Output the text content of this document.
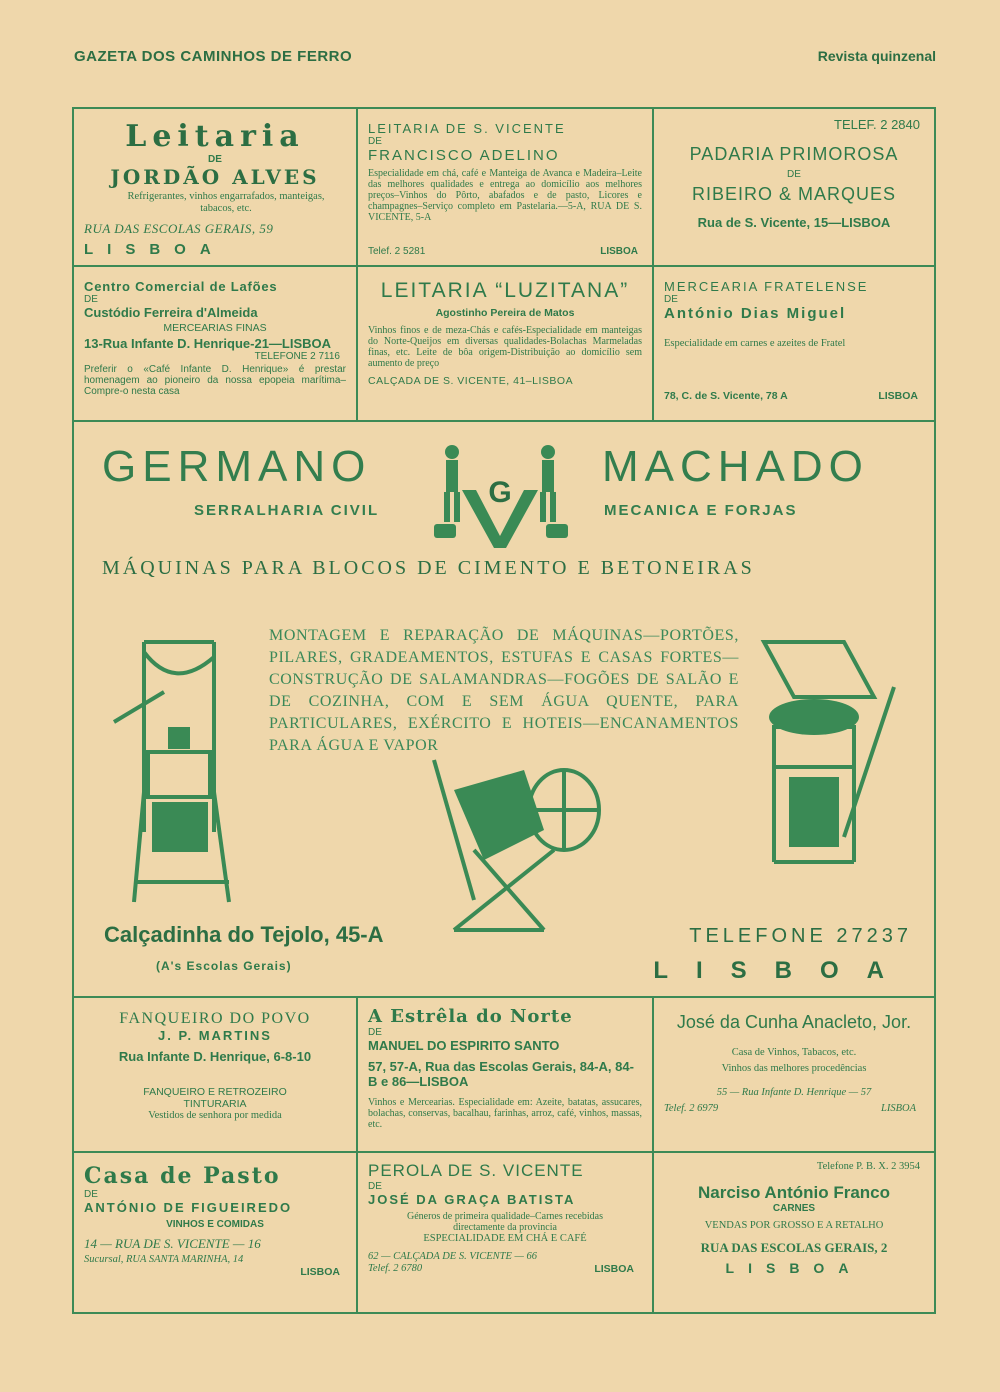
GAZETA DOS CAMINHOS DE FERRO	Revista quinzenal
Leitaria
DE
JORDÃO ALVES
Refrigerantes, vinhos engarrafados, manteigas, tabacos, etc.
RUA DAS ESCOLAS GERAIS, 59
LISBOA
LEITARIA DE S. VICENTE
DE
FRANCISCO ADELINO
Especialidade em chá, café e Manteiga de Avanca e Madeira–Leite das melhores qualidades e entrega ao domicílio aos melhores preços–Vinhos do Pôrto, abafados e de pasto, Licores e champagnes–Serviço completo em Pastelaria.—5-A, RUA DE S. VICENTE, 5-A
Telef. 2 5281	LISBOA
TELEF. 2 2840
PADARIA PRIMOROSA
DE
RIBEIRO & MARQUES
Rua de S. Vicente, 15—LISBOA
Centro Comercial de Lafões
DE
Custódio Ferreira d'Almeida
MERCEARIAS FINAS
13-Rua Infante D. Henrique-21—LISBOA
TELEFONE 2 7116
Preferir o «Café Infante D. Henrique» é prestar homenagem ao pioneiro da nossa epopeia marítima–Compre-o nesta casa
LEITARIA “LUZITANA”
Agostinho Pereira de Matos
Vinhos finos e de meza-Chás e cafés-Especialidade em manteigas do Norte-Queijos em diversas qualidades-Bolachas Marmeladas finas, etc. Leite de bôa origem-Distribuição ao domicílio sem aumento de preço
CALÇADA DE S. VICENTE, 41–LISBOA
MERCEARIA FRATELENSE
DE
António Dias Miguel
Especialidade em carnes e azeites de Fratel
78, C. de S. Vicente, 78 A	LISBOA
GERMANO	MACHADO
SERRALHARIA CIVIL	MECANICA E FORJAS
G
MÁQUINAS PARA BLOCOS DE CIMENTO E BETONEIRAS
MONTAGEM E REPARAÇÃO DE MÁQUINAS—PORTÕES, PILARES, GRADEAMENTOS, ESTUFAS E CASAS FORTES—CONSTRUÇÃO DE SALAMANDRAS—FOGÕES DE SALÃO E DE COZINHA, COM E SEM ÁGUA QUENTE, PARA PARTICULARES, EXÉRCITO E HOTEIS—ENCANAMENTOS PARA ÁGUA E VAPOR
Calçadinha do Tejolo, 45-A
(A's Escolas Gerais)
TELEFONE 27237
LISBOA
FANQUEIRO DO POVO
J. P. MARTINS
Rua Infante D. Henrique, 6-8-10
FANQUEIRO E RETROZEIRO
TINTURARIA
Vestidos de senhora por medida
A Estrêla do Norte
DE
MANUEL DO ESPIRITO SANTO
57, 57-A, Rua das Escolas Gerais, 84-A, 84-B e 86—LISBOA
Vinhos e Mercearias. Especialidade em: Azeite, batatas, assucares, bolachas, conservas, bacalhau, farinhas, arroz, café, vinhos, massas, etc.
José da Cunha Anacleto, Jor.
Casa de Vinhos, Tabacos, etc.
Vinhos das melhores procedências
55 — Rua Infante D. Henrique — 57
Telef. 2 6979	LISBOA
Casa de Pasto
DE
ANTÓNIO DE FIGUEIREDO
VINHOS E COMIDAS
14 — RUA DE S. VICENTE — 16
Sucursal, RUA SANTA MARINHA, 14
LISBOA
PEROLA DE S. VICENTE
DE
JOSÉ DA GRAÇA BATISTA
Géneros de primeira qualidade–Carnes recebidas directamente da provincia
ESPECIALIDADE EM CHÁ E CAFÉ
62 — CALÇADA DE S. VICENTE — 66
Telef. 2 6780	LISBOA
Telefone P. B. X. 2 3954
Narciso António Franco
CARNES
VENDAS POR GROSSO E A RETALHO
RUA DAS ESCOLAS GERAIS, 2
LISBOA
